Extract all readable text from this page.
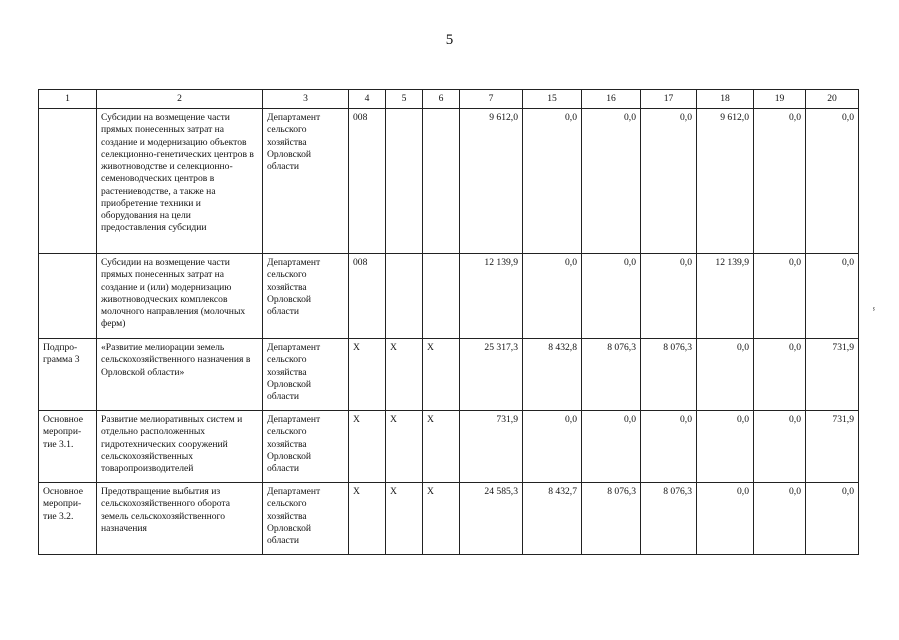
5
1	2	3	4	5	6	7	15	16	17	18	19	20
	Субсидии на возмещение части прямых понесенных затрат на создание и модернизацию объектов селекционно-генетических центров в животноводстве и селекционно-семеноводческих центров в растениеводстве, а также на приобретение техники и оборудования на цели предоставления субсидии	Департамент сельского хозяйства Орловской области	008			9 612,0	0,0	0,0	0,0	9 612,0	0,0	0,0
	Субсидии на возмещение части прямых понесенных затрат на создание и (или) модернизацию животноводческих комплексов молочного направления (молочных ферм)	Департамент сельского хозяйства Орловской области	008			12 139,9	0,0	0,0	0,0	12 139,9	0,0	0,0
Подпро-грамма 3	«Развитие мелиорации земель сельскохозяйственного назначения в Орловской области»	Департамент сельского хозяйства Орловской области	X	X	X	25 317,3	8 432,8	8 076,3	8 076,3	0,0	0,0	731,9
Основное меропри-тие 3.1.	Развитие мелиоративных систем и отдельно расположенных гидротехнических сооружений сельскохозяйственных товаропроизводителей	Департамент сельского хозяйства Орловской области	X	X	X	731,9	0,0	0,0	0,0	0,0	0,0	731,9
Основное меропри-тие 3.2.	Предотвращение выбытия из сельскохозяйственного оборота земель сельскохозяйственного назначения	Департамент сельского хозяйства Орловской области	X	X	X	24 585,3	8 432,7	8 076,3	8 076,3	0,0	0,0	0,0
ⸯ
